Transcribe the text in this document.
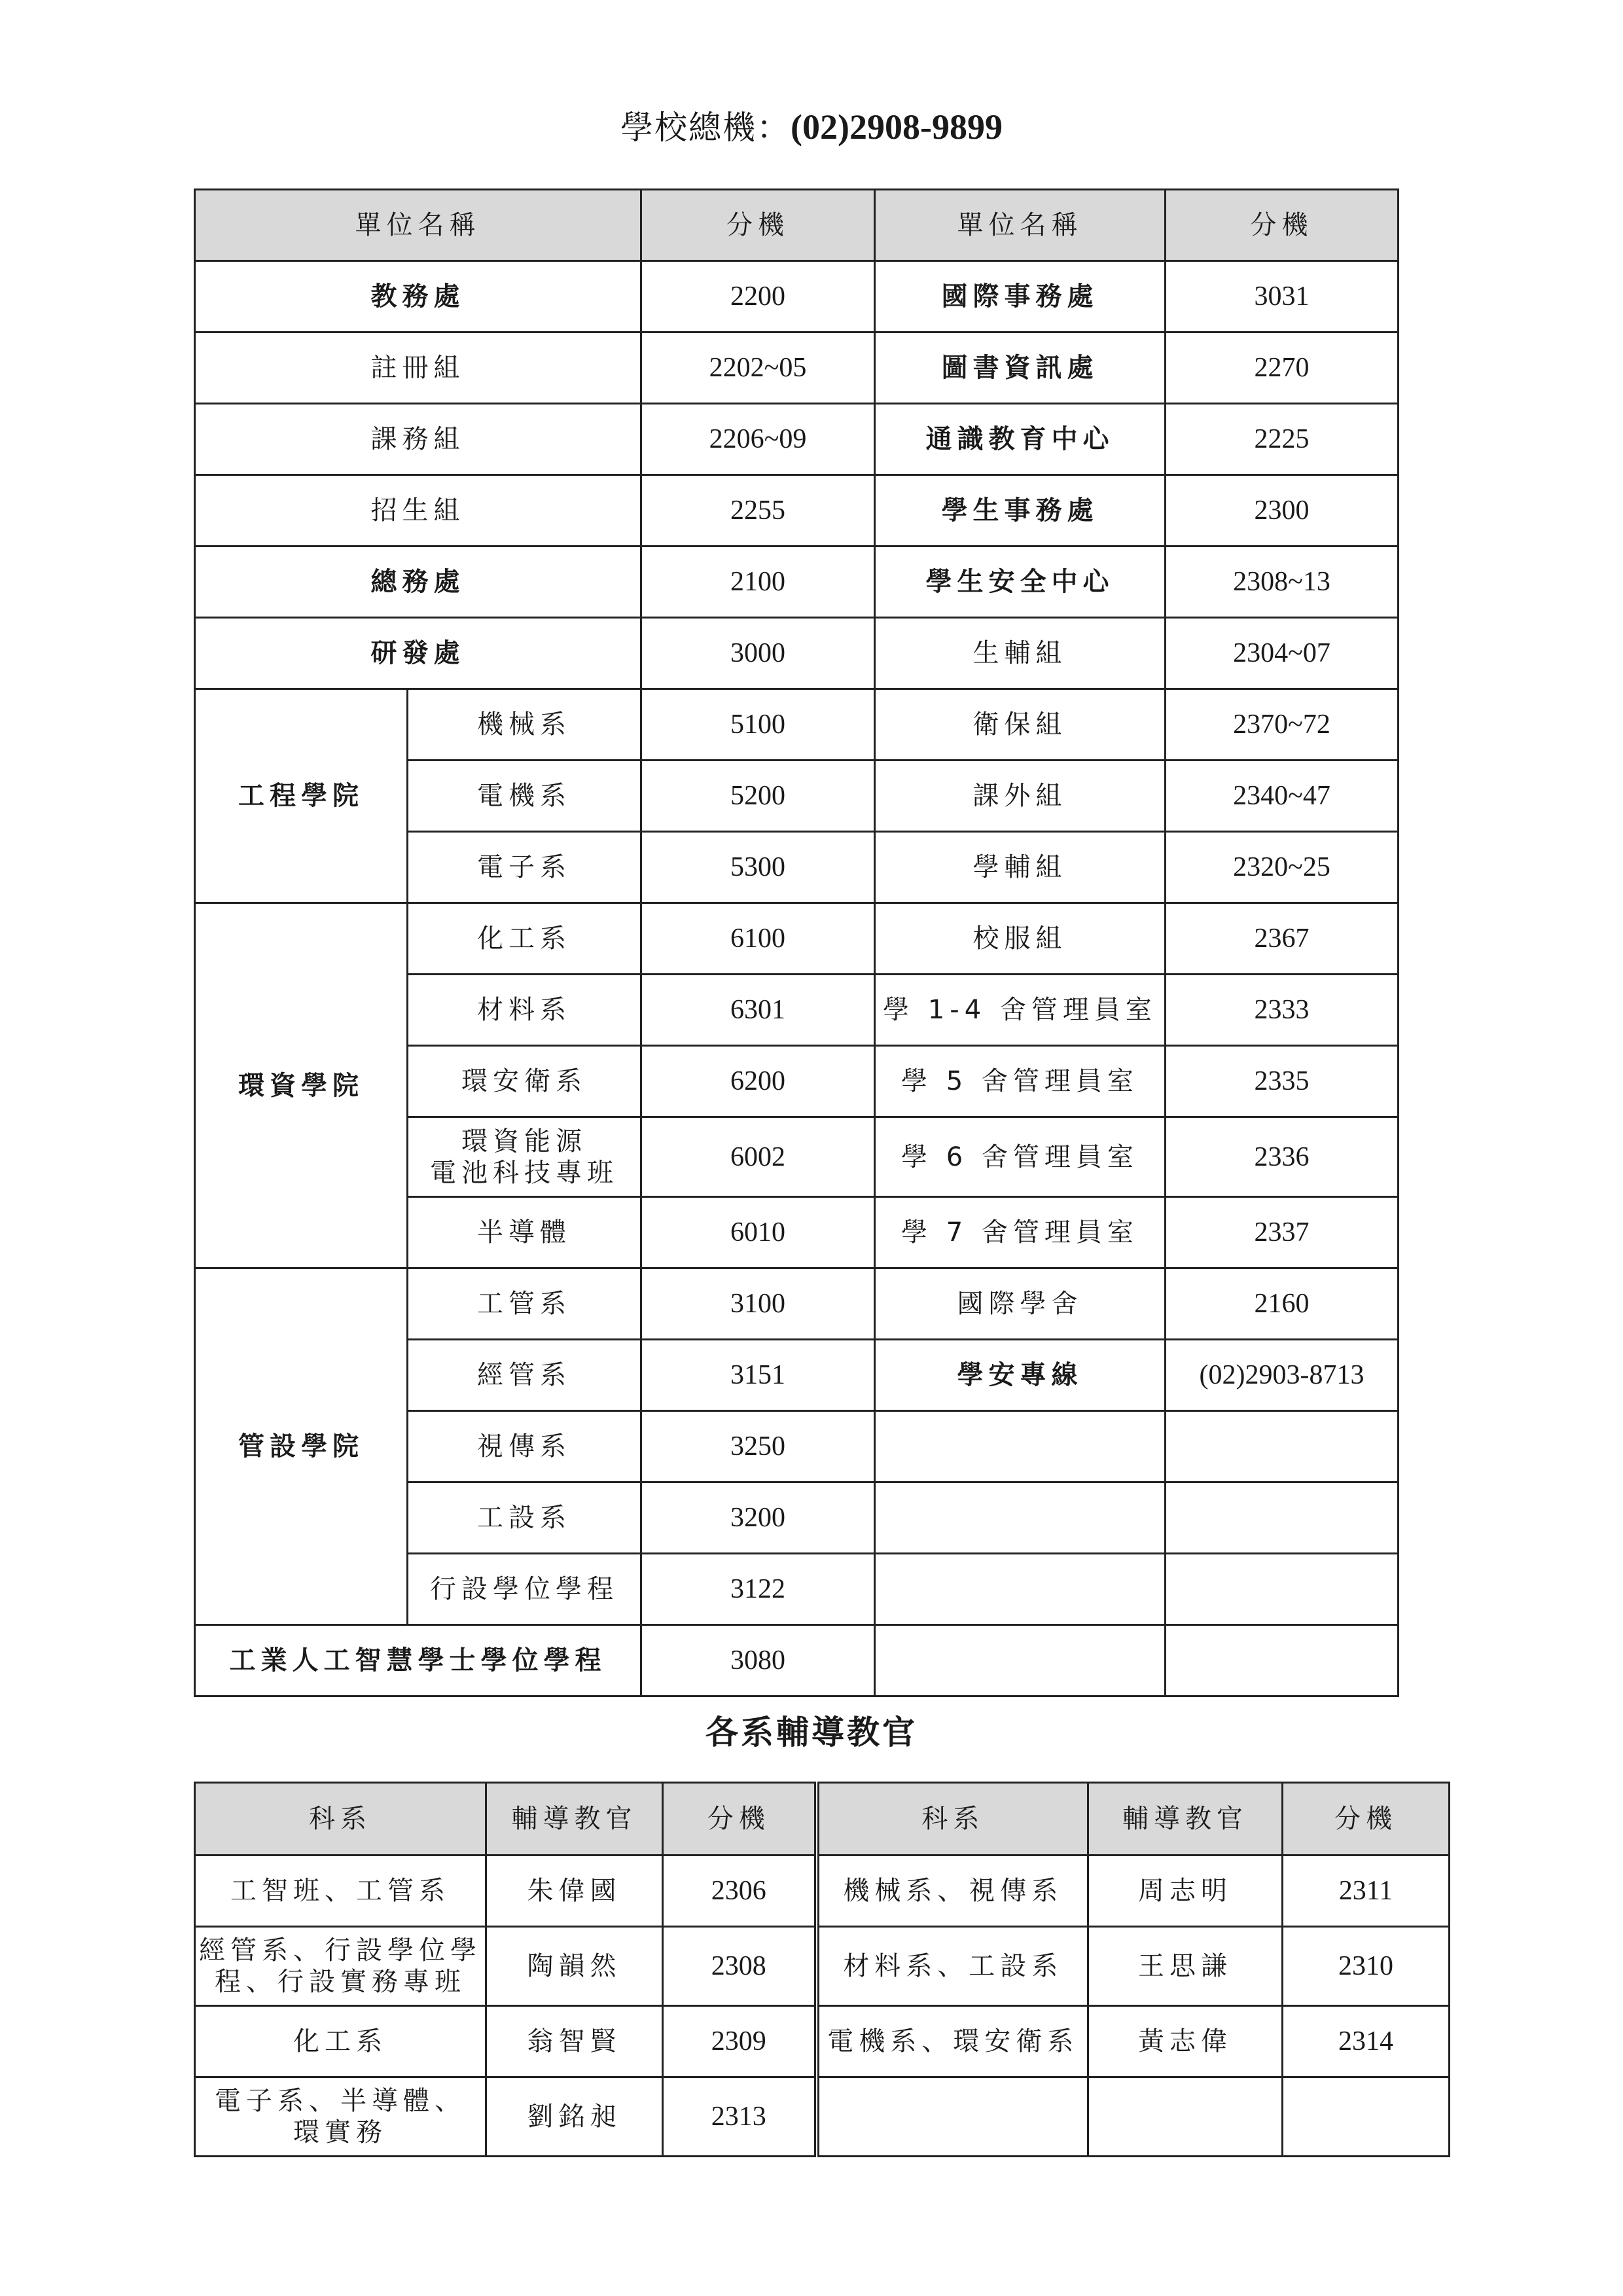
學校總機：(02)2908-9899
單位名稱		分機	單位名稱	分機
教務處		2200	國際事務處	3031
註冊組		2202~05	圖書資訊處	2270
課務組		2206~09	通識教育中心	2225
招生組		2255	學生事務處	2300
總務處		2100	學生安全中心	2308~13
研發處		3000	生輔組	2304~07
工程學院	機械系	5100	衛保組	2370~72
	電機系	5200	課外組	2340~47
	電子系	5300	學輔組	2320~25
環資學院	化工系	6100	校服組	2367
	材料系	6301	學 1-4 舍管理員室	2333
	環安衛系	6200	學 5 舍管理員室	2335
	環資能源
電池科技專班	6002	學 6 舍管理員室	2336
	半導體	6010	學 7 舍管理員室	2337
管設學院	工管系	3100	國際學舍	2160
	經管系	3151	學安專線	(02)2903-8713
	視傳系	3250		
	工設系	3200		
	行設學位學程	3122		
工業人工智慧學士學位學程		3080		
各系輔導教官
科系	輔導教官	分機	科系	輔導教官	分機
工智班、工管系	朱偉國	2306	機械系、視傳系	周志明	2311
經管系、行設學位學
程、行設實務專班	陶韻然	2308	材料系、工設系	王思謙	2310
化工系	翁智賢	2309	電機系、環安衛系	黃志偉	2314
電子系、半導體、
環實務	劉銘昶	2313			
